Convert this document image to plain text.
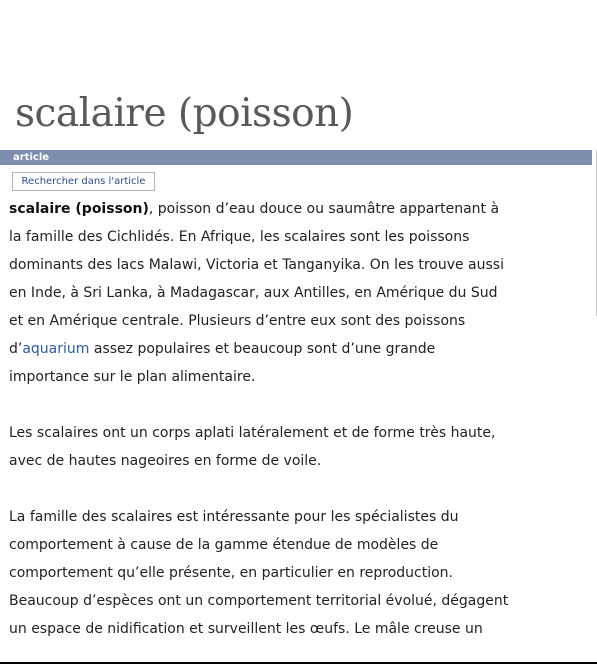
scalaire (poisson)
article
Rechercher dans l'article

scalaire (poisson), poisson d’eau douce ou saumâtre appartenant à
la famille des Cichlidés. En Afrique, les scalaires sont les poissons
dominants des lacs Malawi, Victoria et Tanganyika. On les trouve aussi
en Inde, à Sri Lanka, à Madagascar, aux Antilles, en Amérique du Sud
et en Amérique centrale. Plusieurs d’entre eux sont des poissons
d’aquarium assez populaires et beaucoup sont d’une grande
importance sur le plan alimentaire.

Les scalaires ont un corps aplati latéralement et de forme très haute,
avec de hautes nageoires en forme de voile.

La famille des scalaires est intéressante pour les spécialistes du
comportement à cause de la gamme étendue de modèles de
comportement qu’elle présente, en particulier en reproduction.
Beaucoup d’espèces ont un comportement territorial évolué, dégagent
un espace de nidification et surveillent les œufs. Le mâle creuse un
